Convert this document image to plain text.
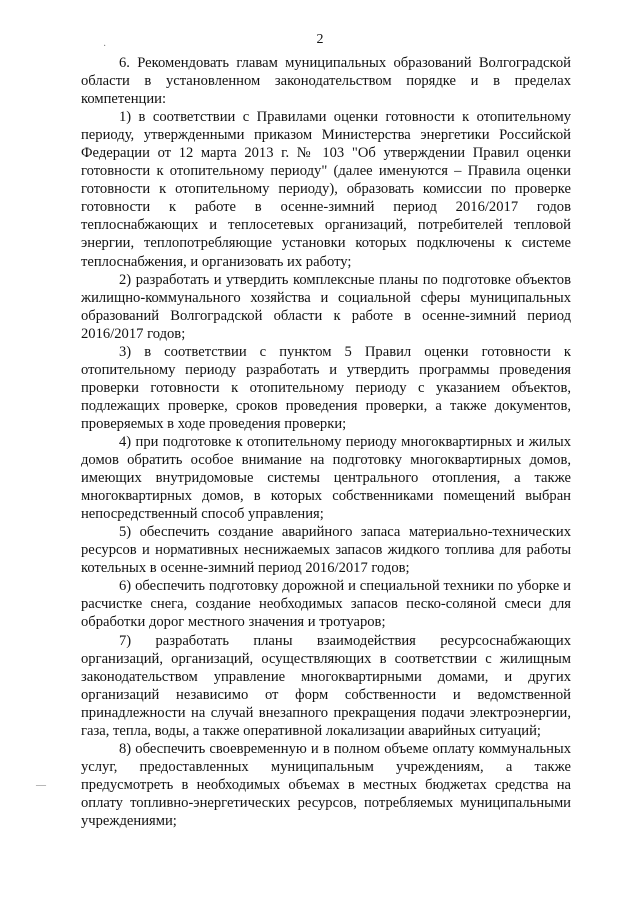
2
·
—

6. Рекомендовать главам муниципальных образований Волгоградской области в установленном законодательством порядке и в пределах компетенции:

1) в соответствии с Правилами оценки готовности к отопительному периоду, утвержденными приказом Министерства энергетики Российской Федерации от 12 марта 2013 г. № 103 "Об утверждении Правил оценки готовности к отопительному периоду" (далее именуются – Правила оценки готовности к отопительному периоду), образовать комиссии по проверке готовности к работе в осенне-зимний период 2016/2017 годов теплоснабжающих и теплосетевых организаций, потребителей тепловой энергии, теплопотребляющие установки которых подключены к системе теплоснабжения, и организовать их работу;

2) разработать и утвердить комплексные планы по подготовке объектов жилищно-коммунального хозяйства и социальной сферы муниципальных образований Волгоградской области к работе в осенне-зимний период 2016/2017 годов;

3) в соответствии с пунктом 5 Правил оценки готовности к отопительному периоду разработать и утвердить программы проведения проверки готовности к отопительному периоду с указанием объектов, подлежащих проверке, сроков проведения проверки, а также документов, проверяемых в ходе проведения проверки;

4) при подготовке к отопительному периоду многоквартирных и жилых домов обратить особое внимание на подготовку многоквартирных домов, имеющих внутридомовые системы центрального отопления, а также многоквартирных домов, в которых собственниками помещений выбран непосредственный способ управления;

5) обеспечить создание аварийного запаса материально-технических ресурсов и нормативных неснижаемых запасов жидкого топлива для работы котельных в осенне-зимний период 2016/2017 годов;

6) обеспечить подготовку дорожной и специальной техники по уборке и расчистке снега, создание необходимых запасов песко-соляной смеси для обработки дорог местного значения и тротуаров;

7) разработать планы взаимодействия ресурсоснабжающих организаций, организаций, осуществляющих в соответствии с жилищным законодательством управление многоквартирными домами, и других организаций независимо от форм собственности и ведомственной принадлежности на случай внезапного прекращения подачи электроэнергии, газа, тепла, воды, а также оперативной локализации аварийных ситуаций;

8) обеспечить своевременную и в полном объеме оплату коммунальных услуг, предоставленных муниципальным учреждениям, а также предусмотреть в необходимых объемах в местных бюджетах средства на оплату топливно-энергетических ресурсов, потребляемых муниципальными учреждениями;
